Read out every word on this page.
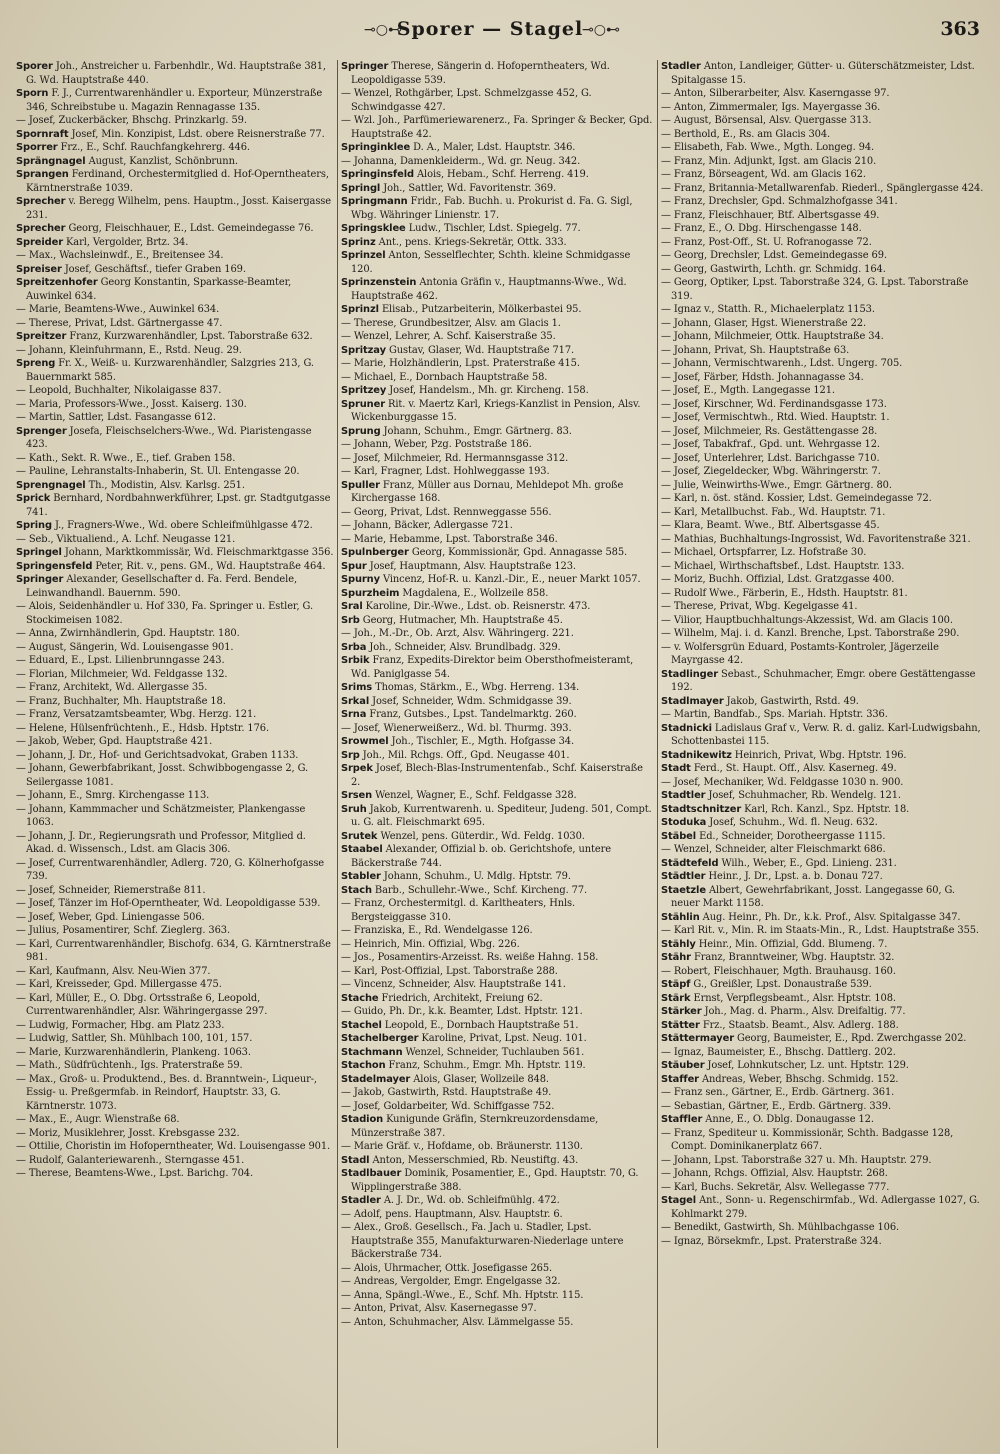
⊸○⊷
Sporer — Stagel
⊸○⊷	363

Sporer Joh., Anstreicher u. Farbenhdlr., Wd. Hauptstraße 381, G. Wd. Hauptstraße 440.

Sporn F. J., Currentwarenhändler u. Exporteur, Münzerstraße 346, Schreibstube u. Magazin Rennagasse 135.

— Josef, Zuckerbäcker, Bhschg. Prinzkarlg. 59.

Spornraft Josef, Min. Konzipist, Ldst. obere Reisnerstraße 77.

Sporrer Frz., E., Schf. Rauchfangkehrerg. 446.

Sprängnagel August, Kanzlist, Schönbrunn.

Sprangen Ferdinand, Orchestermitglied d. Hof-Operntheaters, Kärntnerstraße 1039.

Sprecher v. Beregg Wilhelm, pens. Hauptm., Josst. Kaisergasse 231.

Sprecher Georg, Fleischhauer, E., Ldst. Gemeindegasse 76.

Spreider Karl, Vergolder, Brtz. 34.

— Max., Wachsleinwdf., E., Breitensee 34.

Spreiser Josef, Geschäftsf., tiefer Graben 169.

Spreitzenhofer Georg Konstantin, Sparkasse-Beamter, Auwinkel 634.

— Marie, Beamtens-Wwe., Auwinkel 634.

— Therese, Privat, Ldst. Gärtnergasse 47.

Spreitzer Franz, Kurzwarenhändler, Lpst. Taborstraße 632.

— Johann, Kleinfuhrmann, E., Rstd. Neug. 29.

Spreng Fr. X., Weiß- u. Kurzwarenhändler, Salzgries 213, G. Bauernmarkt 585.

— Leopold, Buchhalter, Nikolaigasse 837.

— Maria, Professors-Wwe., Josst. Kaiserg. 130.

— Martin, Sattler, Ldst. Fasangasse 612.

Sprenger Josefa, Fleischselchers-Wwe., Wd. Piaristengasse 423.

— Kath., Sekt. R. Wwe., E., tief. Graben 158.

— Pauline, Lehranstalts-Inhaberin, St. Ul. Entengasse 20.

Sprengnagel Th., Modistin, Alsv. Karlsg. 251.

Sprick Bernhard, Nordbahnwerkführer, Lpst. gr. Stadtgutgasse 741.

Spring J., Fragners-Wwe., Wd. obere Schleifmühlgasse 472.

— Seb., Viktualiend., A. Lchf. Neugasse 121.

Springel Johann, Marktkommissär, Wd. Fleischmarktgasse 356.

Springensfeld Peter, Rit. v., pens. GM., Wd. Hauptstraße 464.

Springer Alexander, Gesellschafter d. Fa. Ferd. Bendele, Leinwandhandl. Bauernm. 590.

— Alois, Seidenhändler u. Hof 330, Fa. Springer u. Estler, G. Stockimeisen 1082.

— Anna, Zwirnhändlerin, Gpd. Hauptstr. 180.

— August, Sängerin, Wd. Louisengasse 901.

— Eduard, E., Lpst. Lilienbrunngasse 243.

— Florian, Milchmeier, Wd. Feldgasse 132.

— Franz, Architekt, Wd. Allergasse 35.

— Franz, Buchhalter, Mh. Hauptstraße 18.

— Franz, Versatzamtsbeamter, Wbg. Herzg. 121.

— Helene, Hülsenfrüchtenh., E., Hdsb. Hptstr. 176.

— Jakob, Weber, Gpd. Hauptstraße 421.

— Johann, J. Dr., Hof- und Gerichtsadvokat, Graben 1133.

— Johann, Gewerbfabrikant, Josst. Schwibbogengasse 2, G. Seilergasse 1081.

— Johann, E., Smrg. Kirchengasse 113.

— Johann, Kammmacher und Schätzmeister, Plankengasse 1063.

— Johann, J. Dr., Regierungsrath und Professor, Mitglied d. Akad. d. Wissensch., Ldst. am Glacis 306.

— Josef, Currentwarenhändler, Adlerg. 720, G. Kölnerhofgasse 739.

— Josef, Schneider, Riemerstraße 811.

— Josef, Tänzer im Hof-Operntheater, Wd. Leopoldigasse 539.

— Josef, Weber, Gpd. Liniengasse 506.

— Julius, Posamentirer, Schf. Zieglerg. 363.

— Karl, Currentwarenhändler, Bischofg. 634, G. Kärntnerstraße 981.

— Karl, Kaufmann, Alsv. Neu-Wien 377.

— Karl, Kreisseder, Gpd. Millergasse 475.

— Karl, Müller, E., O. Dbg. Ortsstraße 6, Leopold, Currentwarenhändler, Alsr. Währingergasse 297.

— Ludwig, Formacher, Hbg. am Platz 233.

— Ludwig, Sattler, Sh. Mühlbach 100, 101, 157.

— Marie, Kurzwarenhändlerin, Plankeng. 1063.

— Math., Südfrüchtenh., Igs. Praterstraße 59.

— Max., Groß- u. Produktend., Bes. d. Branntwein-, Liqueur-, Essig- u. Preßgermfab. in Reindorf, Hauptstr. 33, G. Kärntnerstr. 1073.

— Max., E., Augr. Wienstraße 68.

— Moriz, Musiklehrer, Josst. Krebsgasse 232.

— Ottilie, Choristin im Hofoperntheater, Wd. Louisengasse 901.

— Rudolf, Galanteriewarenh., Sterngasse 451.

— Therese, Beamtens-Wwe., Lpst. Barichg. 704.

Springer Therese, Sängerin d. Hofoperntheaters, Wd. Leopoldigasse 539.

— Wenzel, Rothgärber, Lpst. Schmelzgasse 452, G. Schwindgasse 427.

— Wzl. Joh., Parfümeriewarenerz., Fa. Springer & Becker, Gpd. Hauptstraße 42.

Springinklee D. A., Maler, Ldst. Hauptstr. 346.

— Johanna, Damenkleiderm., Wd. gr. Neug. 342.

Springinsfeld Alois, Hebam., Schf. Herreng. 419.

Springl Joh., Sattler, Wd. Favoritenstr. 369.

Springmann Fridr., Fab. Buchh. u. Prokurist d. Fa. G. Sigl, Wbg. Währinger Linienstr. 17.

Springsklee Ludw., Tischler, Ldst. Spiegelg. 77.

Sprinz Ant., pens. Kriegs-Sekretär, Ottk. 333.

Sprinzel Anton, Sesselflechter, Schth. kleine Schmidgasse 120.

Sprinzenstein Antonia Gräfin v., Hauptmanns-Wwe., Wd. Hauptstraße 462.

Sprinzl Elisab., Putzarbeiterin, Mölkerbastei 95.

— Therese, Grundbesitzer, Alsv. am Glacis 1.

— Wenzel, Lehrer, A. Schf. Kaiserstraße 35.

Spritzay Gustav, Glaser, Wd. Hauptstraße 717.

— Marie, Holzhändlerin, Lpst. Praterstraße 415.

— Michael, E., Dornbach Hauptstraße 58.

Spritzey Josef, Handelsm., Mh. gr. Kircheng. 158.

Spruner Rit. v. Maertz Karl, Kriegs-Kanzlist in Pension, Alsv. Wickenburggasse 15.

Sprung Johann, Schuhm., Emgr. Gärtnerg. 83.

— Johann, Weber, Pzg. Poststraße 186.

— Josef, Milchmeier, Rd. Hermannsgasse 312.

— Karl, Fragner, Ldst. Hohlweggasse 193.

Spuller Franz, Müller aus Dornau, Mehldepot Mh. große Kirchergasse 168.

— Georg, Privat, Ldst. Rennweggasse 556.

— Johann, Bäcker, Adlergasse 721.

— Marie, Hebamme, Lpst. Taborstraße 346.

Spulnberger Georg, Kommissionär, Gpd. Annagasse 585.

Spur Josef, Hauptmann, Alsv. Hauptstraße 123.

Spurny Vincenz, Hof-R. u. Kanzl.-Dir., E., neuer Markt 1057.

Spurzheim Magdalena, E., Wollzeile 858.

Sral Karoline, Dir.-Wwe., Ldst. ob. Reisnerstr. 473.

Srb Georg, Hutmacher, Mh. Hauptstraße 45.

— Joh., M.-Dr., Ob. Arzt, Alsv. Währingerg. 221.

Srba Joh., Schneider, Alsv. Brundlbadg. 329.

Srbik Franz, Expedits-Direktor beim Obersthofmeisteramt, Wd. Paniglgasse 54.

Srims Thomas, Stärkm., E., Wbg. Herreng. 134.

Srkal Josef, Schneider, Wdm. Schmidgasse 39.

Srna Franz, Gutsbes., Lpst. Tandelmarktg. 260.

— Josef, Wienerweißerz., Wd. bl. Thurmg. 393.

Srowmel Joh., Tischler, E., Mgth. Hofgasse 34.

Srp Joh., Mil. Rchgs. Off., Gpd. Neugasse 401.

Srpek Josef, Blech-Blas-Instrumentenfab., Schf. Kaiserstraße 2.

Srsen Wenzel, Wagner, E., Schf. Feldgasse 328.

Sruh Jakob, Kurrentwarenh. u. Spediteur, Judeng. 501, Compt. u. G. alt. Fleischmarkt 695.

Srutek Wenzel, pens. Güterdir., Wd. Feldg. 1030.

Staabel Alexander, Offizial b. ob. Gerichtshofe, untere Bäckerstraße 744.

Stabler Johann, Schuhm., U. Mdlg. Hptstr. 79.

Stach Barb., Schullehr.-Wwe., Schf. Kircheng. 77.

— Franz, Orchestermitgl. d. Karltheaters, Hnls. Bergsteiggasse 310.

— Franziska, E., Rd. Wendelgasse 126.

— Heinrich, Min. Offizial, Wbg. 226.

— Jos., Posamentirs-Arzeisst. Rs. weiße Hahng. 158.

— Karl, Post-Offizial, Lpst. Taborstraße 288.

— Vincenz, Schneider, Alsv. Hauptstraße 141.

Stache Friedrich, Architekt, Freiung 62.

— Guido, Ph. Dr., k.k. Beamter, Ldst. Hptstr. 121.

Stachel Leopold, E., Dornbach Hauptstraße 51.

Stachelberger Karoline, Privat, Lpst. Neug. 101.

Stachmann Wenzel, Schneider, Tuchlauben 561.

Stachon Franz, Schuhm., Emgr. Mh. Hptstr. 119.

Stadelmayer Alois, Glaser, Wollzeile 848.

— Jakob, Gastwirth, Rstd. Hauptstraße 49.

— Josef, Goldarbeiter, Wd. Schiffgasse 752.

Stadion Kunigunde Gräfin, Sternkreuzordensdame, Münzerstraße 387.

— Marie Gräf. v., Hofdame, ob. Bräunerstr. 1130.

Stadl Anton, Messerschmied, Rb. Neustiftg. 43.

Stadlbauer Dominik, Posamentier, E., Gpd. Hauptstr. 70, G. Wipplingerstraße 388.

Stadler A. J. Dr., Wd. ob. Schleifmühlg. 472.

— Adolf, pens. Hauptmann, Alsv. Hauptstr. 6.

— Alex., Groß. Gesellsch., Fa. Jach u. Stadler, Lpst. Hauptstraße 355, Manufakturwaren-Niederlage untere Bäckerstraße 734.

— Alois, Uhrmacher, Ottk. Josefigasse 265.

— Andreas, Vergolder, Emgr. Engelgasse 32.

— Anna, Spängl.-Wwe., E., Schf. Mh. Hptstr. 115.

— Anton, Privat, Alsv. Kasernegasse 97.

— Anton, Schuhmacher, Alsv. Lämmelgasse 55.

Stadler Anton, Landleiger, Gütter- u. Güterschätzmeister, Ldst. Spitalgasse 15.

— Anton, Silberarbeiter, Alsv. Kaserngasse 97.

— Anton, Zimmermaler, Igs. Mayergasse 36.

— August, Börsensal, Alsv. Quergasse 313.

— Berthold, E., Rs. am Glacis 304.

— Elisabeth, Fab. Wwe., Mgth. Longeg. 94.

— Franz, Min. Adjunkt, Igst. am Glacis 210.

— Franz, Börseagent, Wd. am Glacis 162.

— Franz, Britannia-Metallwarenfab. Riederl., Spänglergasse 424.

— Franz, Drechsler, Gpd. Schmalzhofgasse 341.

— Franz, Fleischhauer, Btf. Albertsgasse 49.

— Franz, E., O. Dbg. Hirschengasse 148.

— Franz, Post-Off., St. U. Rofranogasse 72.

— Georg, Drechsler, Ldst. Gemeindegasse 69.

— Georg, Gastwirth, Lchth. gr. Schmidg. 164.

— Georg, Optiker, Lpst. Taborstraße 324, G. Lpst. Taborstraße 319.

— Ignaz v., Statth. R., Michaelerplatz 1153.

— Johann, Glaser, Hgst. Wienerstraße 22.

— Johann, Milchmeier, Ottk. Hauptstraße 34.

— Johann, Privat, Sh. Hauptstraße 63.

— Johann, Vermischtwarenh., Ldst. Ungerg. 705.

— Josef, Färber, Hdsth. Johannagasse 34.

— Josef, E., Mgth. Langegasse 121.

— Josef, Kirschner, Wd. Ferdinandsgasse 173.

— Josef, Vermischtwh., Rtd. Wied. Hauptstr. 1.

— Josef, Milchmeier, Rs. Gestättengasse 28.

— Josef, Tabakfraf., Gpd. unt. Wehrgasse 12.

— Josef, Unterlehrer, Ldst. Barichgasse 710.

— Josef, Ziegeldecker, Wbg. Währingerstr. 7.

— Julie, Weinwirths-Wwe., Emgr. Gärtnerg. 80.

— Karl, n. öst. ständ. Kossier, Ldst. Gemeindegasse 72.

— Karl, Metallbuchst. Fab., Wd. Hauptstr. 71.

— Klara, Beamt. Wwe., Btf. Albertsgasse 45.

— Mathias, Buchhaltungs-Ingrossist, Wd. Favoritenstraße 321.

— Michael, Ortspfarrer, Lz. Hofstraße 30.

— Michael, Wirthschaftsbef., Ldst. Hauptstr. 133.

— Moriz, Buchh. Offizial, Ldst. Gratzgasse 400.

— Rudolf Wwe., Färberin, E., Hdsth. Hauptstr. 81.

— Therese, Privat, Wbg. Kegelgasse 41.

— Vilior, Hauptbuchhaltungs-Akzessist, Wd. am Glacis 100.

— Wilhelm, Maj. i. d. Kanzl. Brenche, Lpst. Taborstraße 290.

— v. Wolfersgrün Eduard, Postamts-Kontroler, Jägerzeile Mayrgasse 42.

Stadlinger Sebast., Schuhmacher, Emgr. obere Gestättengasse 192.

Stadlmayer Jakob, Gastwirth, Rstd. 49.

— Martin, Bandfab., Sps. Mariah. Hptstr. 336.

Stadnicki Ladislaus Graf v., Verw. R. d. galiz. Karl-Ludwigsbahn, Schottenbastei 115.

Stadnikewitz Heinrich, Privat, Wbg. Hptstr. 196.

Stadt Ferd., St. Haupt. Off., Alsv. Kaserneg. 49.

— Josef, Mechaniker, Wd. Feldgasse 1030 n. 900.

Stadtler Josef, Schuhmacher, Rb. Wendelg. 121.

Stadtschnitzer Karl, Rch. Kanzl., Spz. Hptstr. 18.

Stoduka Josef, Schuhm., Wd. fl. Neug. 632.

Stäbel Ed., Schneider, Dorotheergasse 1115.

— Wenzel, Schneider, alter Fleischmarkt 686.

Städtefeld Wilh., Weber, E., Gpd. Linieng. 231.

Städtler Heinr., J. Dr., Lpst. a. b. Donau 727.

Staetzle Albert, Gewehrfabrikant, Josst. Langegasse 60, G. neuer Markt 1158.

Stählin Aug. Heinr., Ph. Dr., k.k. Prof., Alsv. Spitalgasse 347.

— Karl Rit. v., Min. R. im Staats-Min., R., Ldst. Hauptstraße 355.

Stähly Heinr., Min. Offizial, Gdd. Blumeng. 7.

Stähr Franz, Branntweiner, Wbg. Hauptstr. 32.

— Robert, Fleischhauer, Mgth. Brauhausg. 160.

Stäpf G., Greißler, Lpst. Donaustraße 539.

Stärk Ernst, Verpflegsbeamt., Alsr. Hptstr. 108.

Stärker Joh., Mag. d. Pharm., Alsv. Dreifaltig. 77.

Stätter Frz., Staatsb. Beamt., Alsv. Adlerg. 188.

Stättermayer Georg, Baumeister, E., Rpd. Zwerchgasse 202.

— Ignaz, Baumeister, E., Bhschg. Dattlerg. 202.

Stäuber Josef, Lohnkutscher, Lz. unt. Hptstr. 129.

Staffer Andreas, Weber, Bhschg. Schmidg. 152.

— Franz sen., Gärtner, E., Erdb. Gärtnerg. 361.

— Sebastian, Gärtner, E., Erdb. Gärtnerg. 339.

Staffler Anne, E., O. Dblg. Donaugasse 12.

— Franz, Spediteur u. Kommissionär, Schth. Badgasse 128, Compt. Dominikanerplatz 667.

— Johann, Lpst. Taborstraße 327 u. Mh. Hauptstr. 279.

— Johann, Rchgs. Offizial, Alsv. Hauptstr. 268.

— Karl, Buchs. Sekretär, Alsv. Wellegasse 777.

Stagel Ant., Sonn- u. Regenschirmfab., Wd. Adlergasse 1027, G. Kohlmarkt 279.

— Benedikt, Gastwirth, Sh. Mühlbachgasse 106.

— Ignaz, Börsekmfr., Lpst. Praterstraße 324.
